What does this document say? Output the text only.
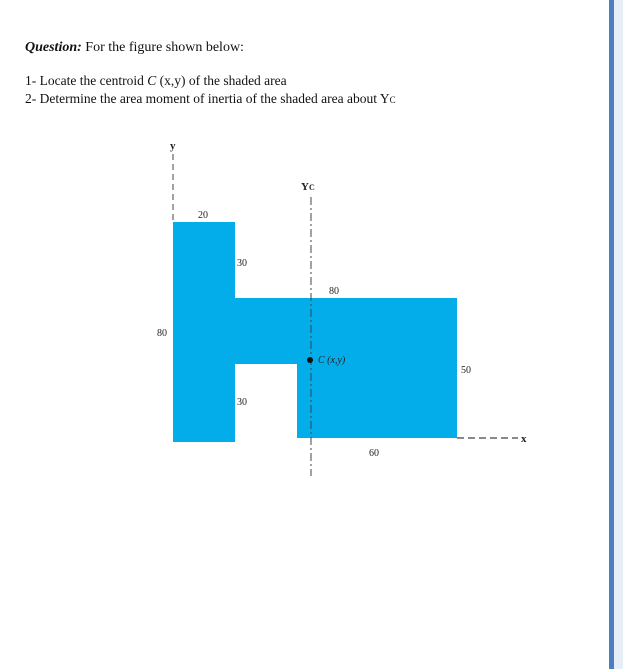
Question: For the figure shown below:
1- Locate the centroid C (x,y) of the shaded area
2- Determine the area moment of inertia of the shaded area about YC
y
x
YC
C (x,y)
20
80
30
30
80
50
60
